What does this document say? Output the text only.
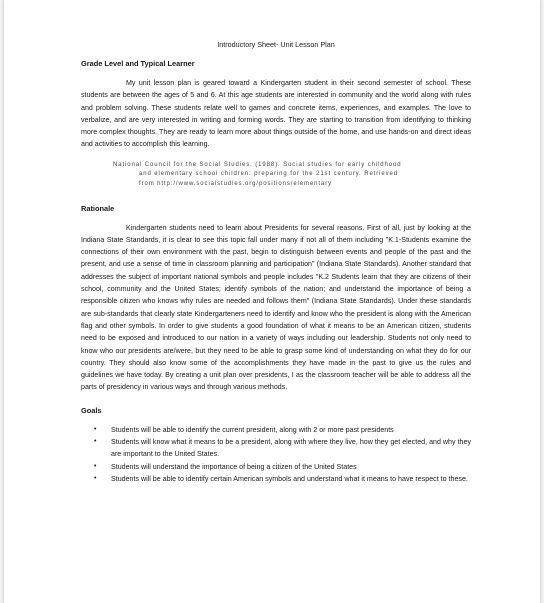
Introductory Sheet- Unit Lesson Plan
Grade Level and Typical Learner

My unit lesson plan is geared toward a Kindergarten student in their second semester of school. These students are between the ages of 5 and 6. At this age students are interested in community and the world along with rules and problem solving. These students relate well to games and concrete items, experiences, and examples. The love to verbalize, and are very interested in writing and forming words. They are starting to transition from identifying to thinking more complex thoughts. They are ready to learn more about things outside of the home, and use hands-on and direct ideas and activities to accomplish this learning.

National Council for the Social Studies. (1988). Social studies for early childhood
and elementary school children: preparing for the 21st century. Retrieved
from http://www.socialstudies.org/positions/elementary
Rationale

Kindergarten students need to learn about Presidents for several reasons. First of all, just by looking at the Indiana State Standards, it is clear to see this topic fall under many if not all of them including "K.1-Students examine the connections of their own environment with the past, begin to distinguish between events and people of the past and the present, and use a sense of time in classroom planning and participation" (Indiana State Standards). Another standard that addresses the subject of important national symbols and people includes "K.2 Students learn that they are citizens of their school, community and the United States; identify symbols of the nation; and understand the importance of being a responsible citizen who knows why rules are needed and follows them" (Indiana State Standards). Under these standards are sub-standards that clearly state Kindergarteners need to identify and know who the president is along with the American flag and other symbols. In order to give students a good foundation of what it means to be an American citizen, students need to be exposed and introduced to our nation in a variety of ways including our leadership. Students not only need to know who our presidents are/were, but they need to be able to grasp some kind of understanding on what they do for our country. They should also know some of the accomplishments they have made in the past to give us the rules and guidelines we have today. By creating a unit plan over presidents, I as the classroom teacher will be able to address all the parts of presidency in various ways and through various methods.

Goals
• Students will be able to identify the current president, along with 2 or more past presidents
• Students will know what it means to be a president, along with where they live, how they get elected, and why they are important to the United States.
• Students will understand the importance of being a citizen of the United States
• Students will be able to identify certain American symbols and understand what it means to have respect to these.
